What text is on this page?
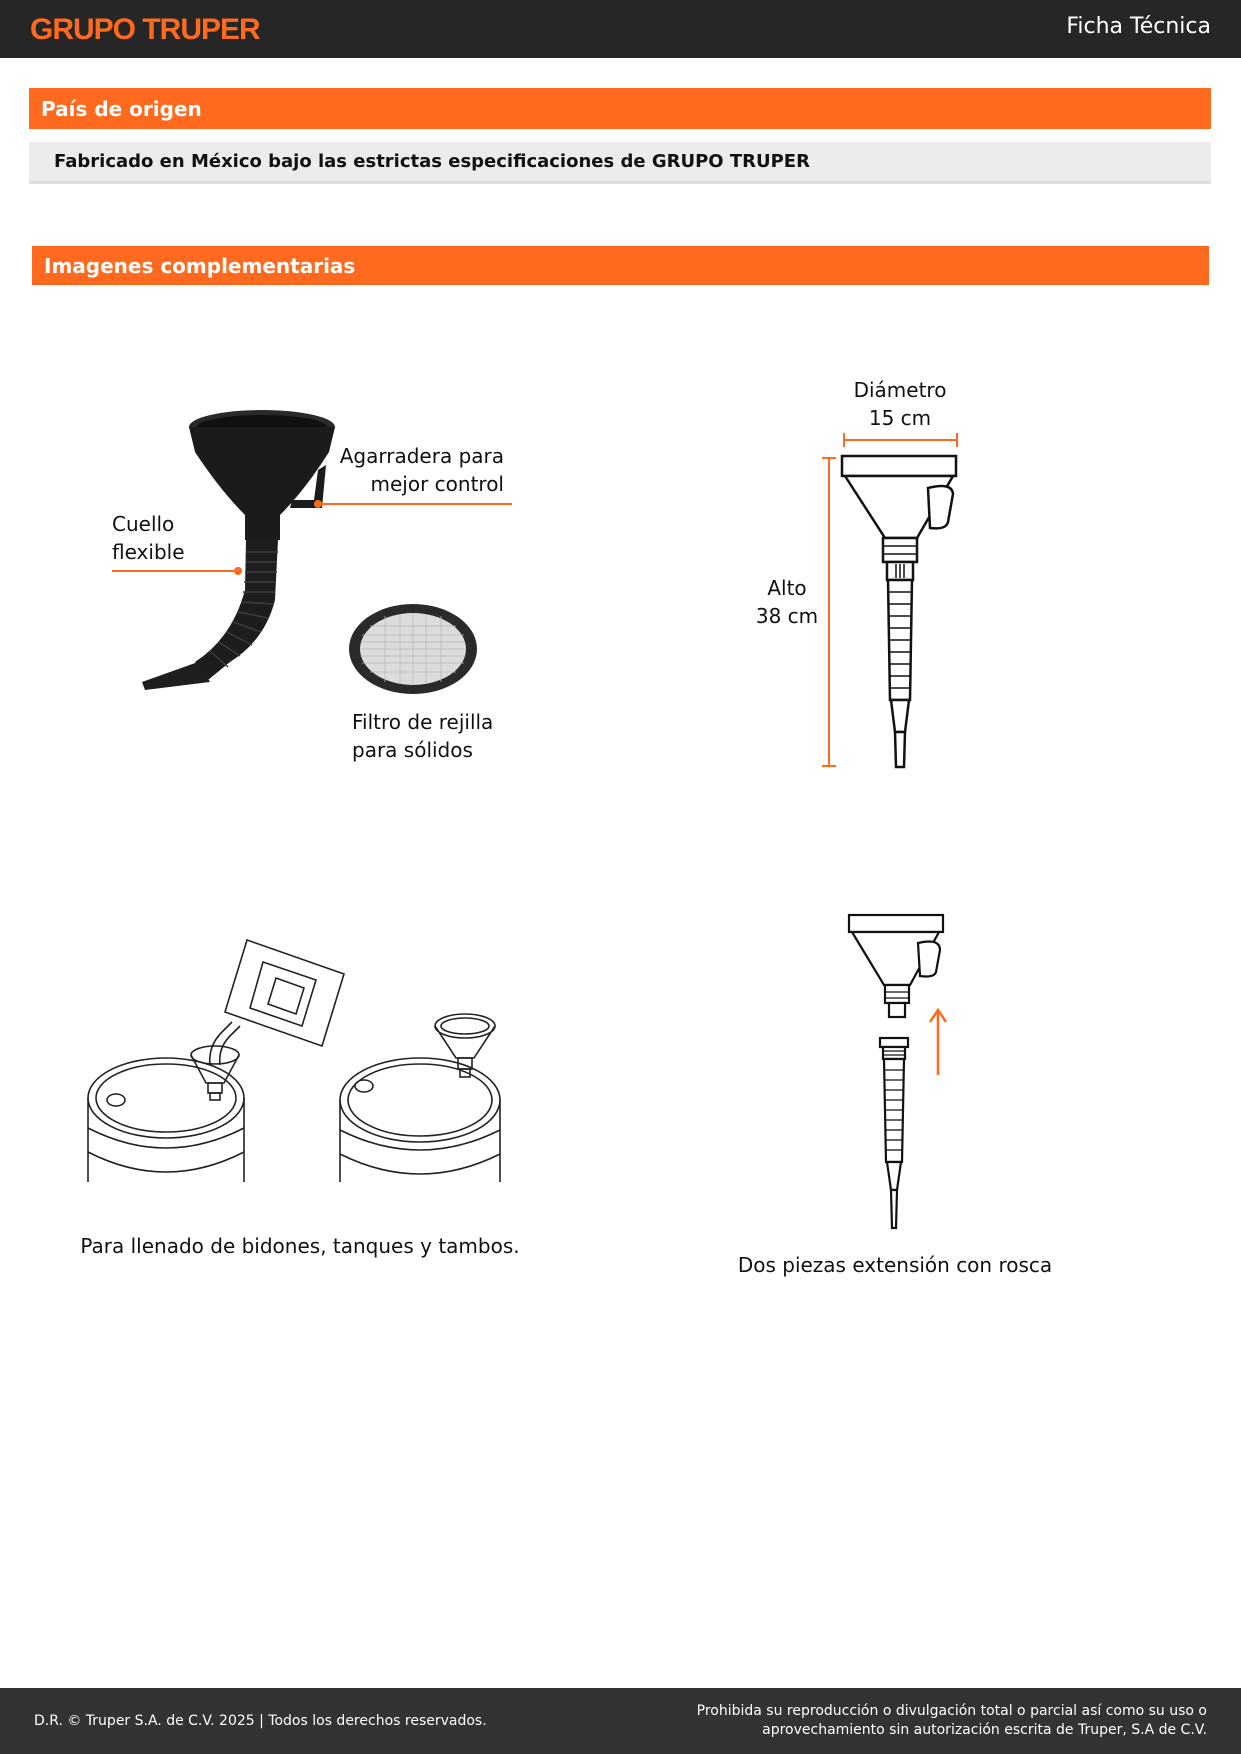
GRUPO TRUPER	Ficha Técnica
País de origen
Fabricado en México bajo las estrictas especificaciones de GRUPO TRUPER
Imagenes complementarias
Agarradera para
mejor control
Cuello
flexible
Filtro de rejilla
para sólidos
Diámetro
15 cm
Alto
38 cm
Para llenado de bidones, tanques y tambos.
Dos piezas extensión con rosca
D.R. © Truper S.A. de C.V. 2025 | Todos los derechos reservados.
Prohibida su reproducción o divulgación total o parcial así como su uso o
aprovechamiento sin autorización escrita de Truper, S.A de C.V.
